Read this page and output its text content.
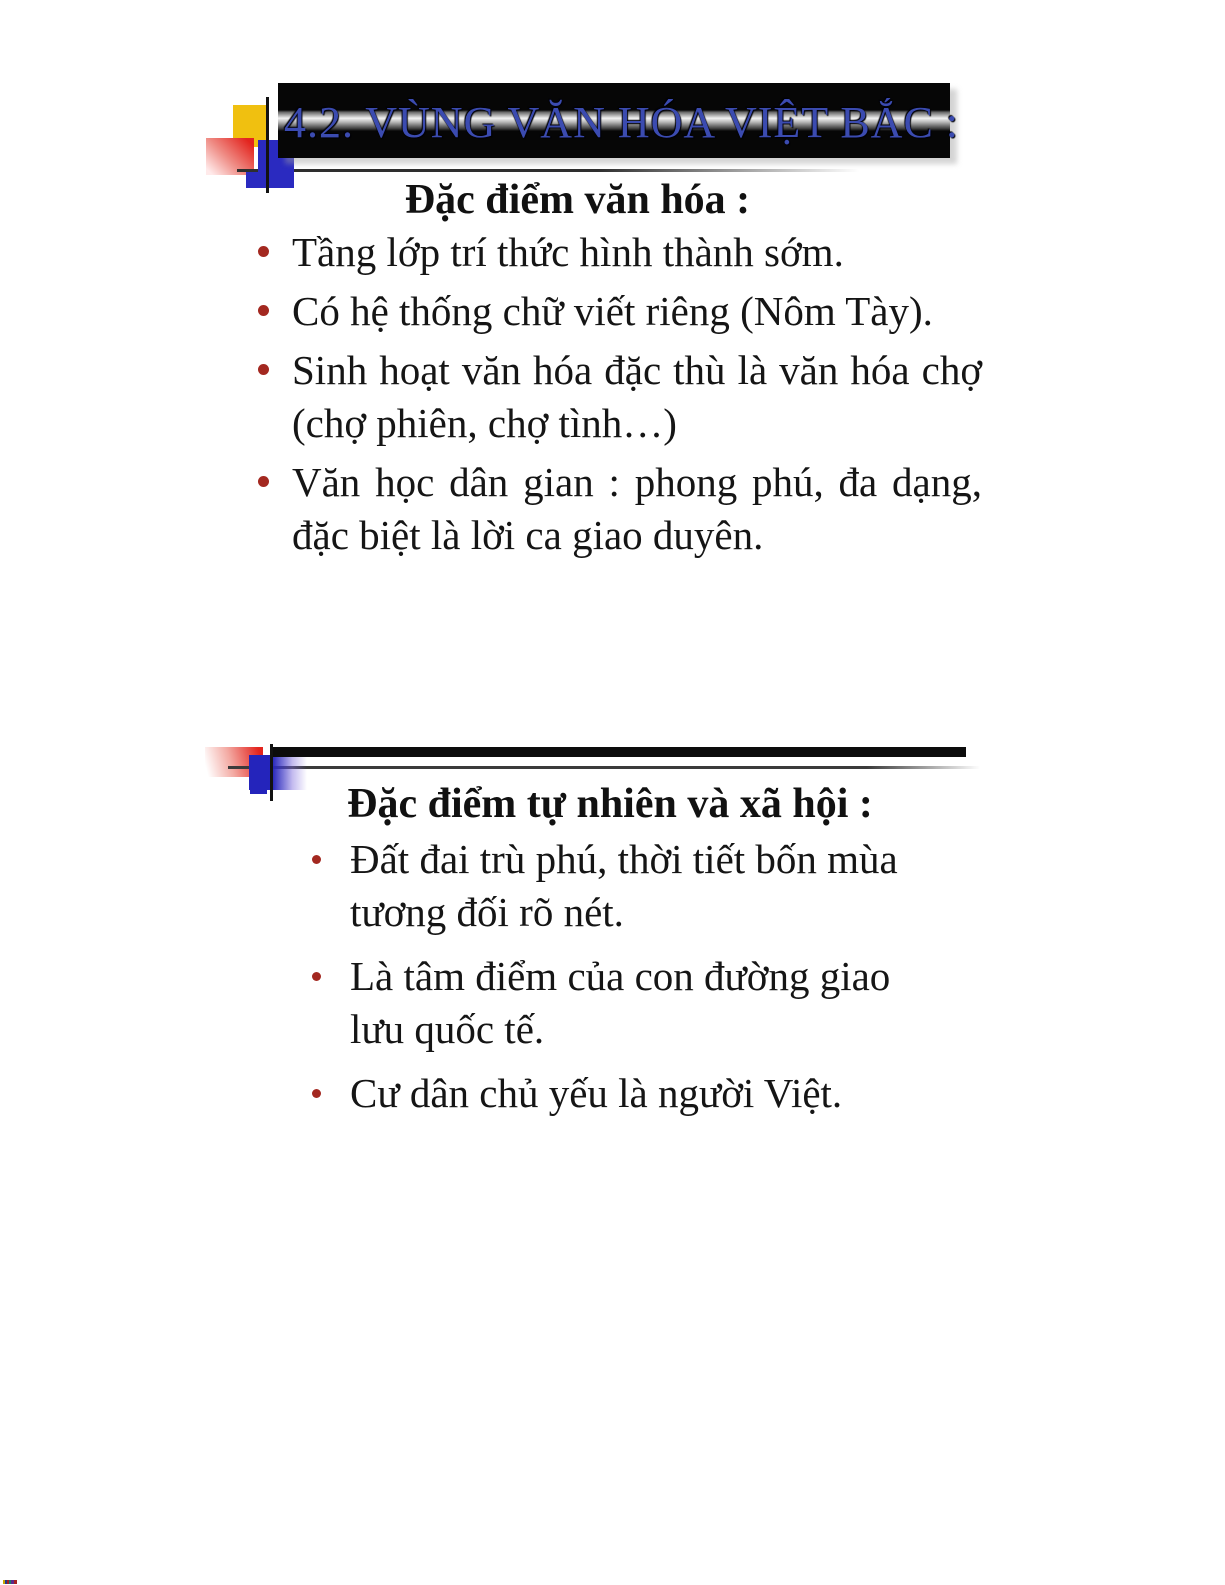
4.2. VÙNG VĂN HÓA VIỆT BẮC :
Đặc điểm văn hóa :
Tầng lớp trí thức hình thành sớm.
Có hệ thống chữ viết riêng (Nôm Tày).
Sinh hoạt văn hóa đặc thù là văn hóa chợ
(chợ phiên, chợ tình…)
Văn học dân gian : phong phú, đa dạng,
đặc biệt là lời ca giao duyên.
Đặc điểm tự nhiên và xã hội :
Đất đai trù phú, thời tiết bốn mùa
tương đối rõ nét.
Là tâm điểm của con đường giao
lưu quốc tế.
Cư dân chủ yếu là người Việt.
